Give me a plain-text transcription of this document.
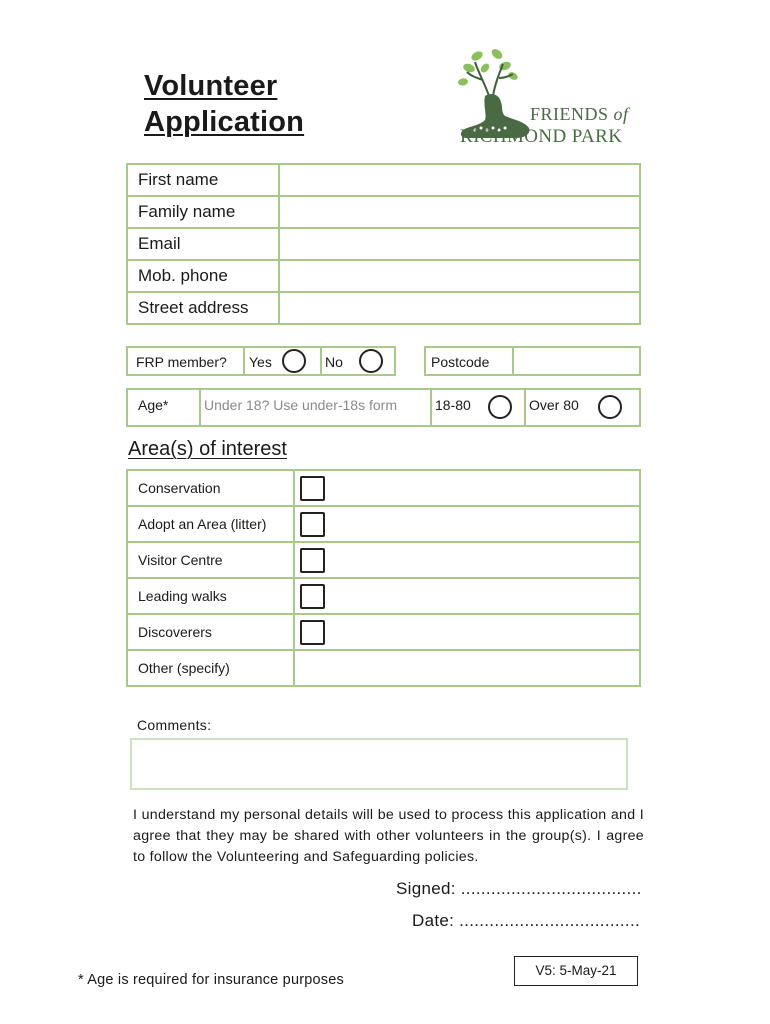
Volunteer
Application	FRIENDS of
RICHMOND PARK
First name	
Family name	
Email	
Mob. phone	
Street address	
FRP member? Yes	No	Postcode
Age*	Under 18? Use under-18s form	18-80	Over 80
Area(s) of interest
Conservation	
Adopt an Area (litter)	
Visitor Centre	
Leading walks	
Discoverers	
Other (specify)	
Comments:
I understand my personal details will be used to process this application and I agree that they may be shared with other volunteers in the group(s). I agree to follow the Volunteering and Safeguarding policies.
Signed: ....................................
Date: ....................................
* Age is required for insurance purposes
V5: 5-May-21
